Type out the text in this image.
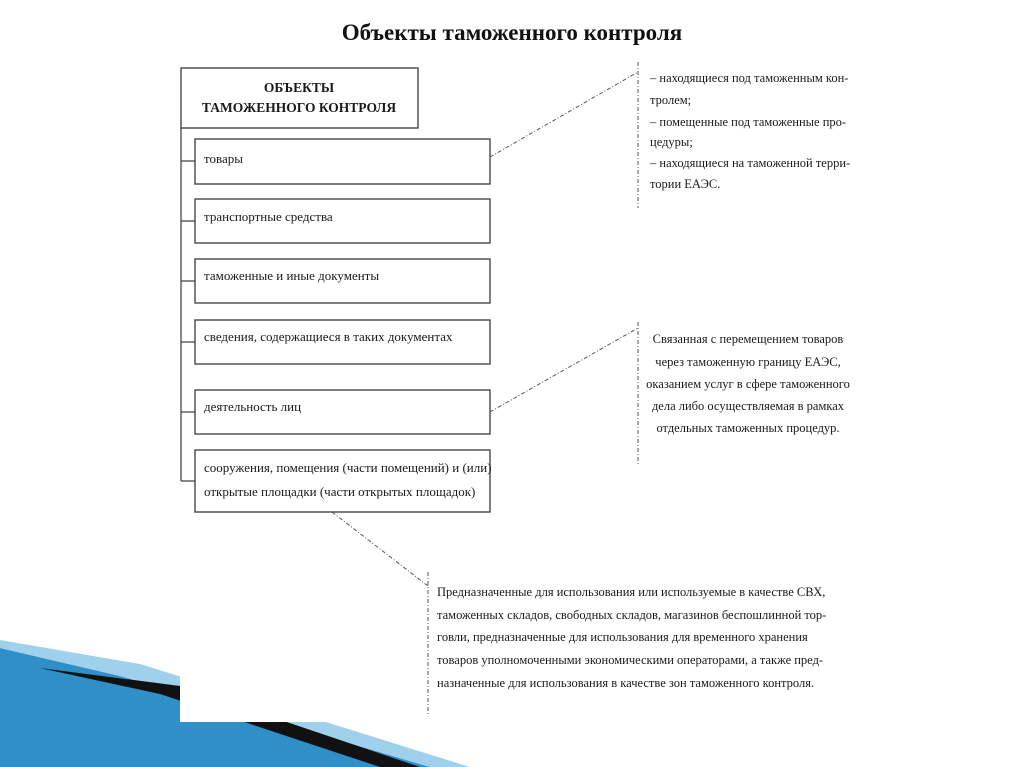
Объекты таможенного контроля
ОБЪЕКТЫ
ТАМОЖЕННОГО КОНТРОЛЯ
товары
транспортные средства
таможенные и иные документы
сведения, содержащиеся в таких документах
деятельность лиц
сооружения, помещения (части помещений) и (или)
открытые площадки (части открытых площадок)
– находящиеся под таможенным кон-
тролем;
– помещенные под таможенные про-
цедуры;
– находящиеся на таможенной терри-
тории ЕАЭС.
Связанная с перемещением товаров
через таможенную границу ЕАЭС,
оказанием услуг в сфере таможенного
дела либо осуществляемая в рамках
отдельных таможенных процедур.
Предназначенные для использования или используемые в качестве СВХ,
таможенных складов, свободных складов, магазинов беспошлинной тор-
говли, предназначенные для использования для временного хранения
товаров уполномоченными экономическими операторами, а также пред-
назначенные для использования в качестве зон таможенного контроля.
